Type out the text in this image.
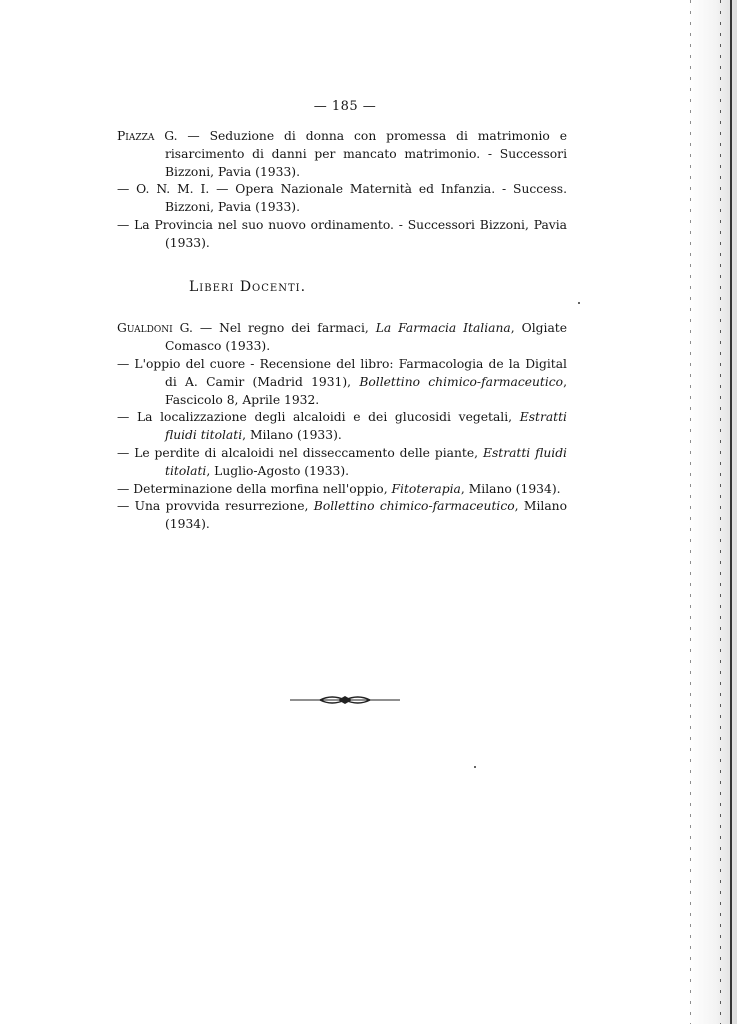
— 185 —

Piazza G. — Seduzione di donna con promessa di matrimonio e risarcimento di danni per mancato matrimonio. - Successori Bizzoni, Pavia (1933).

— O. N. M. I. — Opera Nazionale Maternità ed Infanzia. - Success. Bizzoni, Pavia (1933).

— La Provincia nel suo nuovo ordinamento. - Successori Bizzoni, Pavia (1933).

Liberi Docenti.

Gualdoni G. — Nel regno dei farmaci, La Farmacia Italiana, Olgiate Comasco (1933).

— L'oppio del cuore - Recensione del libro: Farmacologia de la Digital di A. Camir (Madrid 1931), Bollettino chimico-farmaceutico, Fascicolo 8, Aprile 1932.

— La localizzazione degli alcaloidi e dei glucosidi vegetali, Estratti fluidi titolati, Milano (1933).

— Le perdite di alcaloidi nel disseccamento delle piante, Estratti fluidi titolati, Luglio-Agosto (1933).

— Determinazione della morfina nell'oppio, Fitoterapia, Milano (1934).

— Una provvida resurrezione, Bollettino chimico-farmaceutico, Milano (1934).
